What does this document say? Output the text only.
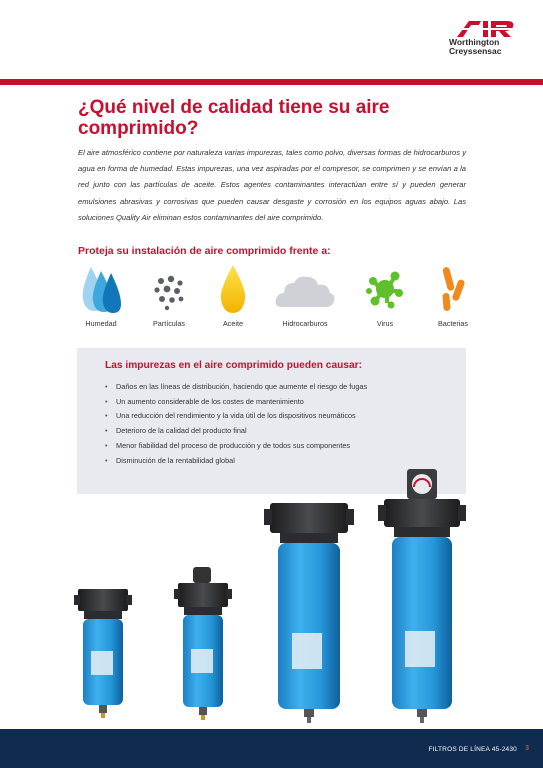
Worthington
Creyssensac
¿Qué nivel de calidad tiene su aire comprimido?

El aire atmosférico contiene por naturaleza varias impurezas, tales como polvo, diversas formas de hidrocarburos y agua en forma de humedad. Estas impurezas, una vez aspiradas por el compresor, se comprimen y se envían a la red junto con las partículas de aceite. Estos agentes contaminantes interactúan entre sí y pueden generar emulsiones abrasivas y corrosivas que pueden causar desgaste y corrosión en los equipos aguas abajo. Las soluciones Quality Air eliminan estos contaminantes del aire comprimido.

Proteja su instalación de aire comprimido frente a:
Humedad	Partículas	Aceite	Hidrocarburos	Virus	Bacterias
Las impurezas en el aire comprimido pueden causar:
• Daños en las líneas de distribución, haciendo que aumente el riesgo de fugas
• Un aumento considerable de los costes de mantenimiento
• Una reducción del rendimiento y la vida útil de los dispositivos neumáticos
• Deterioro de la calidad del producto final
• Menor fiabilidad del proceso de producción y de todos sus componentes
• Disminución de la rentabilidad global
FILTROS DE LÍNEA 45-2430 3
